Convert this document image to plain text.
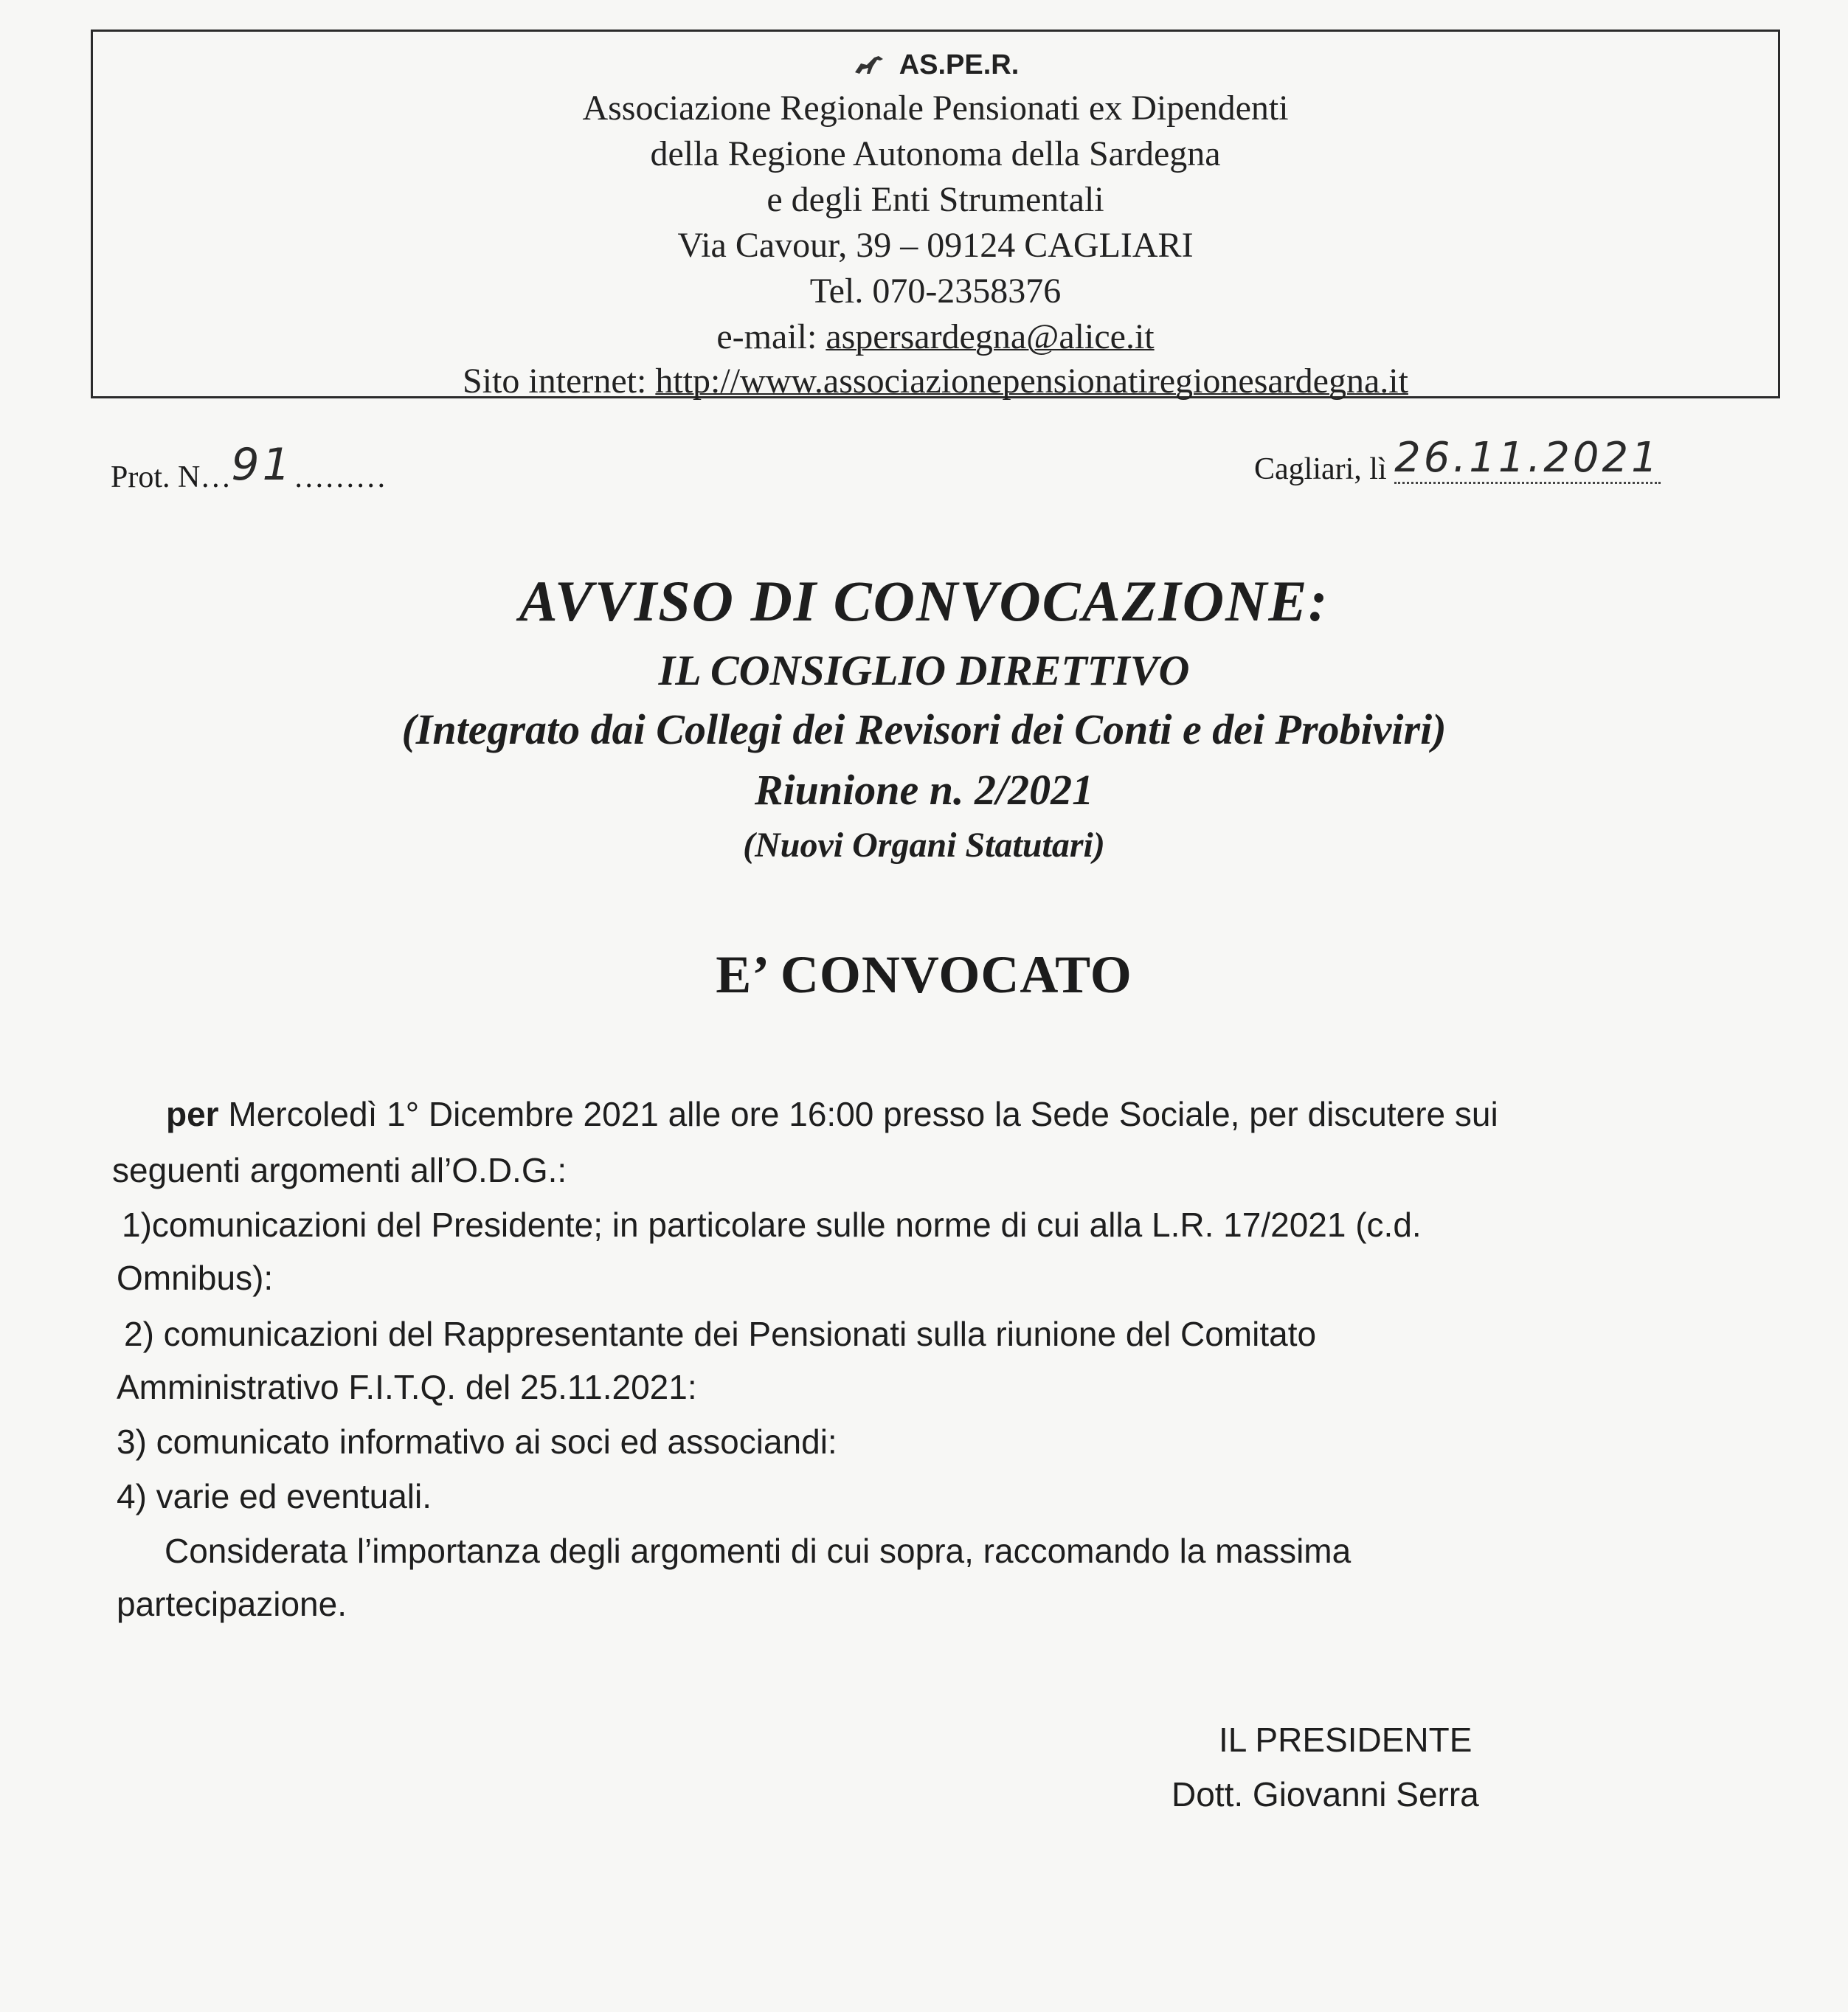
AS.PE.R.
Associazione Regionale Pensionati ex Dipendenti
della Regione Autonoma della Sardegna
e degli Enti Strumentali
Via Cavour, 39 – 09124 CAGLIARI
Tel. 070-2358376
e-mail: aspersardegna@alice.it
Sito internet: http://www.associazionepensionatiregionesardegna.it
Prot. N…91………	Cagliari, lì 26.11.2021
AVVISO DI CONVOCAZIONE:
IL CONSIGLIO DIRETTIVO
(Integrato dai Collegi dei Revisori dei Conti e dei Probiviri)
Riunione n. 2/2021
(Nuovi Organi Statutari)
E’ CONVOCATO
per Mercoledì 1° Dicembre 2021 alle ore 16:00 presso la Sede Sociale, per discutere sui
seguenti argomenti all’O.D.G.:
1)comunicazioni del Presidente; in particolare sulle norme di cui alla L.R. 17/2021 (c.d.
Omnibus):
2) comunicazioni del Rappresentante dei Pensionati sulla riunione del Comitato
Amministrativo F.I.T.Q. del 25.11.2021:
3) comunicato informativo ai soci ed associandi:
4) varie ed eventuali.
Considerata l’importanza degli argomenti di cui sopra, raccomando la massima
partecipazione.
IL PRESIDENTE
Dott. Giovanni Serra
